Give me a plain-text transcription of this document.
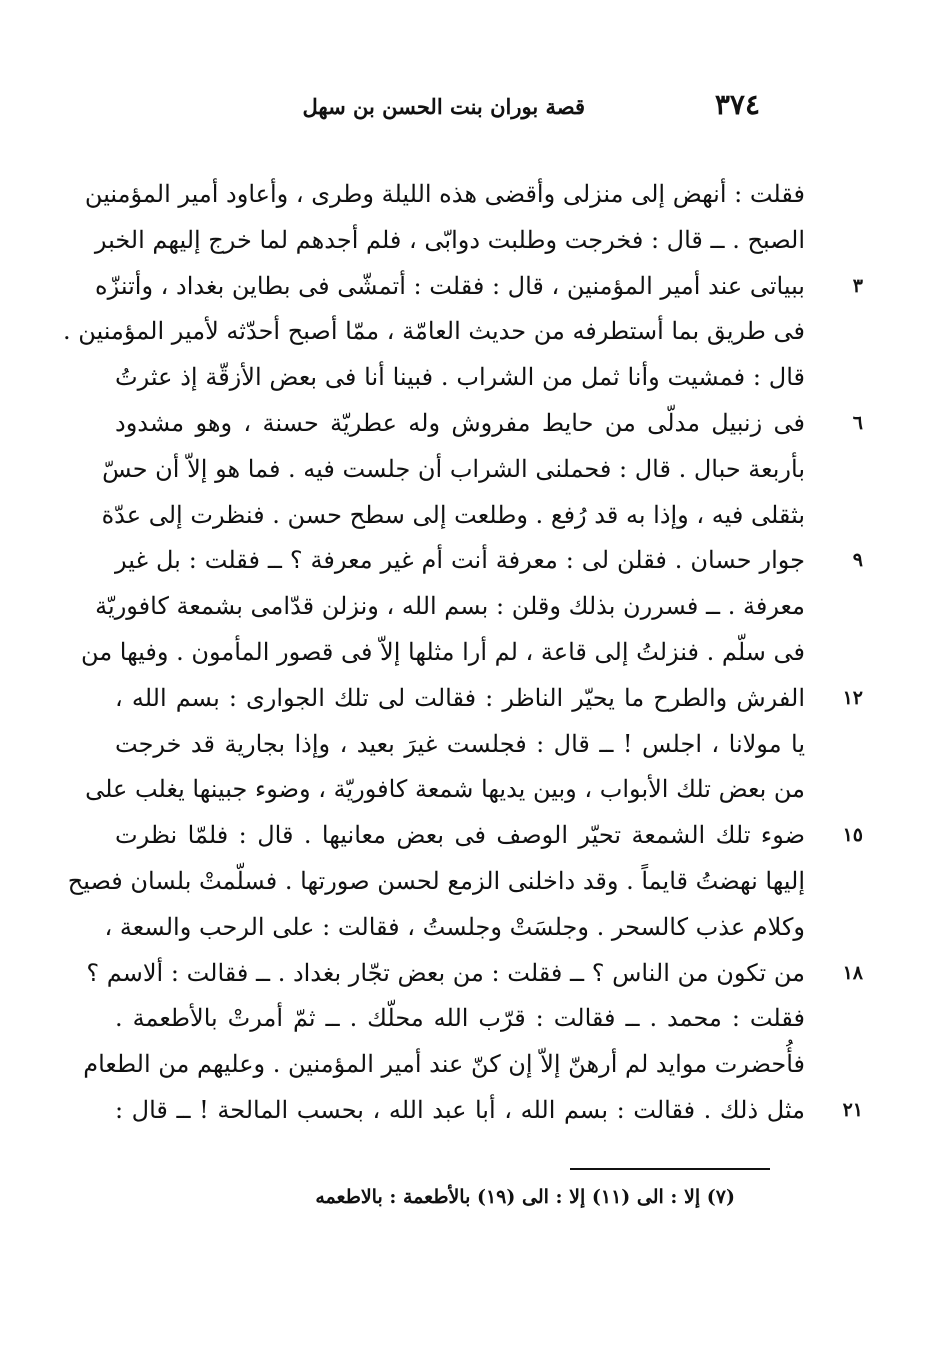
٣٧٤
قصة بوران بنت الحسن بن سهل
فقلت : أنهض إلى منزلى وأقضى هذه الليلة وطرى ، وأعاود أمير المؤمنين
الصبح . ــ قال : فخرجت وطلبت دوابّى ، فلم أجدهم لما خرج إليهم الخبر
٣
ببياتى عند أمير المؤمنين ، قال : فقلت : أتمشّى فى بطاين بغداد ، وأتنزّه
فى طريق بما أستطرفه من حديث العامّة ، ممّا أصبح أحدّثه لأمير المؤمنين .
قال : فمشيت وأنا ثمل من الشراب . فبينا أنا فى بعض الأزقّة إذ عثرتُ
٦
فى زنبيل مدلّى من حايط مفروش وله عطريّة حسنة ، وهو مشدود
بأربعة حبال . قال : فحملنى الشراب أن جلست فيه . فما هو إلاّ أن حسّ
بثقلى فيه ، وإذا به قد رُفع . وطلعت إلى سطح حسن . فنظرت إلى عدّة
٩
جوار حسان . فقلن لى : معرفة أنت أم غير معرفة ؟ ــ فقلت : بل غير
معرفة . ــ فسررن بذلك وقلن : بسم الله ، ونزلن قدّامى بشمعة كافوريّة
فى سلّم . فنزلتُ إلى قاعة ، لم أرا مثلها إلاّ فى قصور المأمون . وفيها من
١٢
الفرش والطرح ما يحيّر الناظر : فقالت لى تلك الجوارى : بسم الله ،
يا مولانا ، اجلس ! ــ قال : فجلست غيرَ بعيد ، وإذا بجارية قد خرجت
من بعض تلك الأبواب ، وبين يديها شمعة كافوريّة ، وضوء جبينها يغلب على
١٥
ضوء تلك الشمعة تحيّر الوصف فى بعض معانيها . قال : فلمّا نظرت
إليها نهضتُ قايماً . وقد داخلنى الزمع لحسن صورتها . فسلّمتْ بلسان فصيح
وكلام عذب كالسحر . وجلسَتْ وجلستُ ، فقالت : على الرحب والسعة ،
١٨
من تكون من الناس ؟ ــ فقلت : من بعض تجّار بغداد . ــ فقالت : ألاسم ؟
فقلت : محمد . ــ فقالت : قرّب الله محلّك . ــ ثمّ أمرتْ بالأطعمة .
فأُحضرت موايد لم أرهنّ إلاّ إن كنّ عند أمير المؤمنين . وعليهم من الطعام
٢١
مثل ذلك . فقالت : بسم الله ، أبا عبد الله ، بحسب المالحة ! ــ قال :
(٧) إلا : الى (١١) إلا : الى (١٩) بالأطعمة : بالاطعمه
